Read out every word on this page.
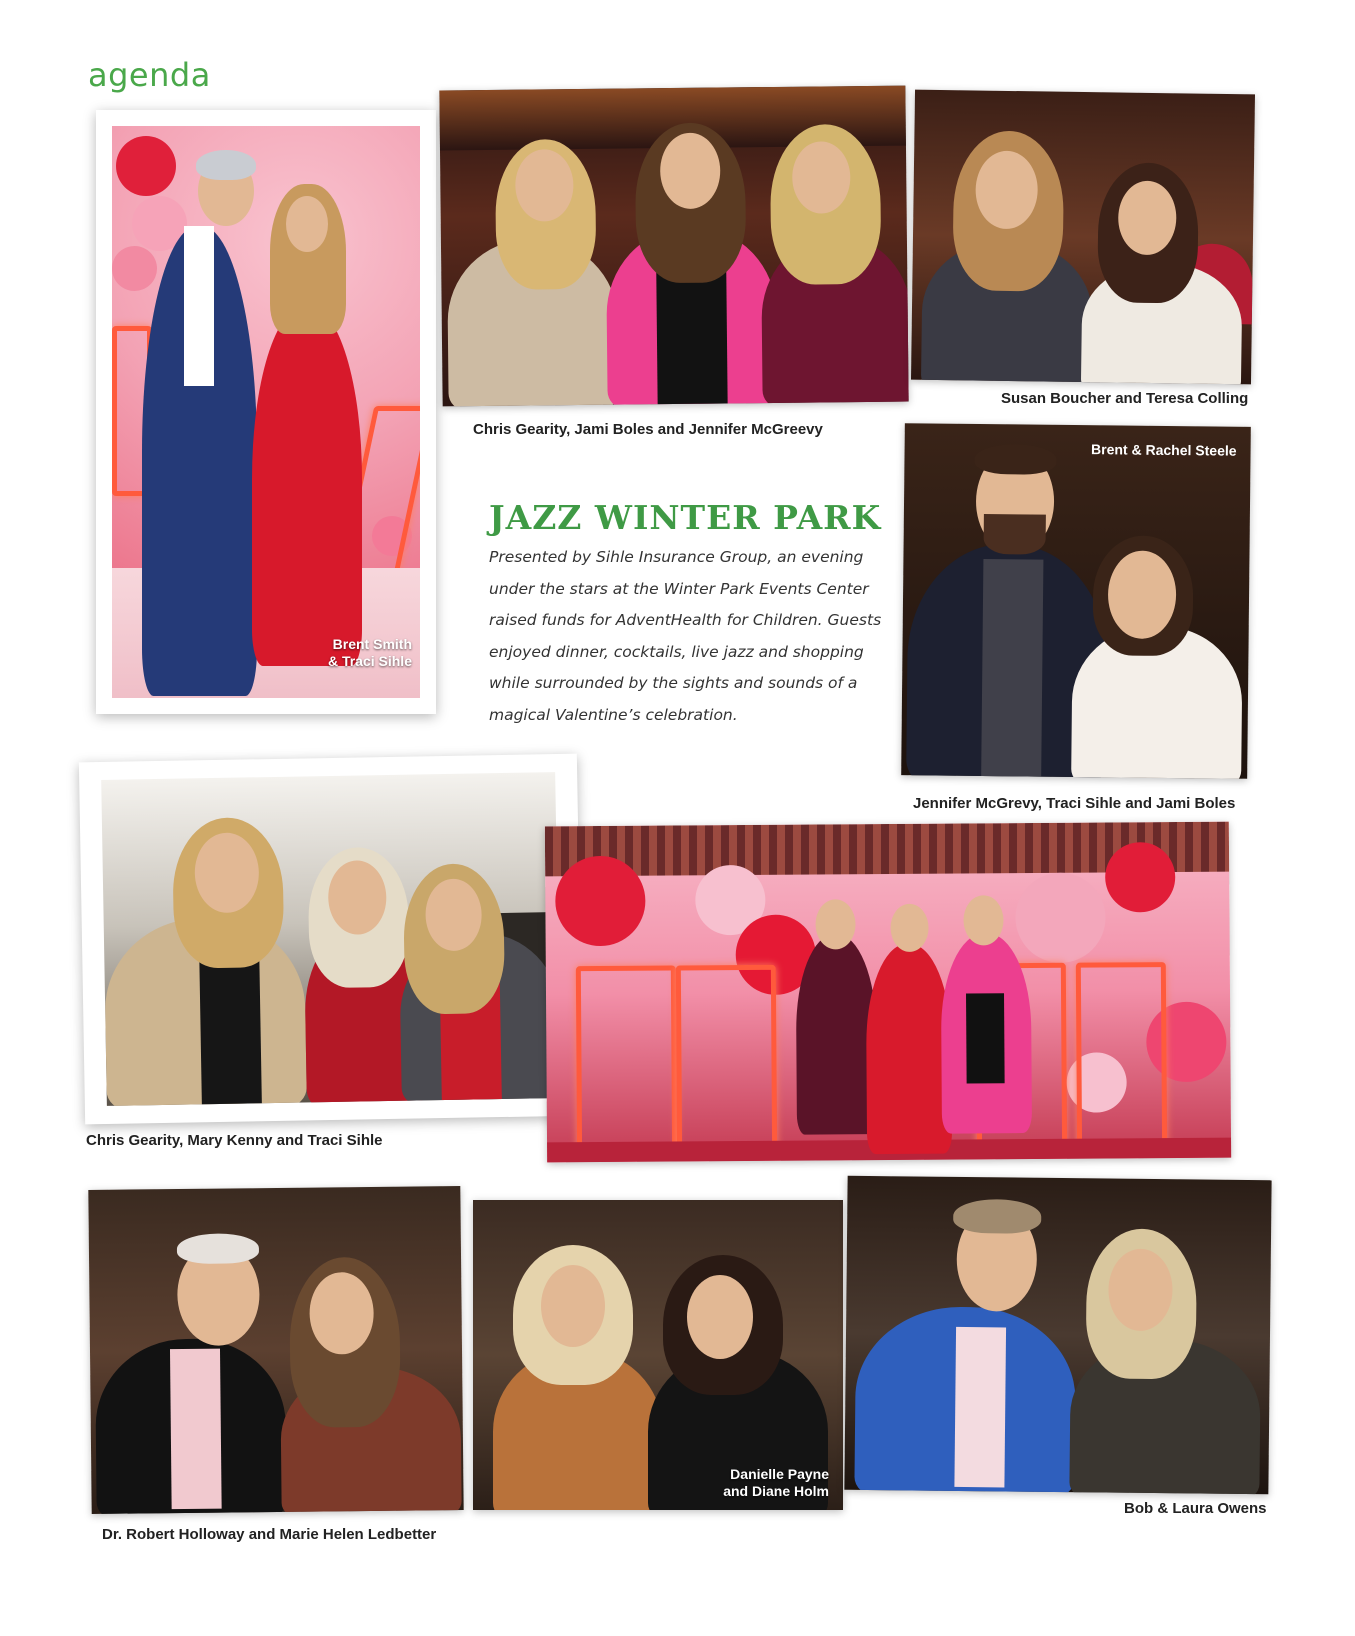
agenda
Brent Smith
& Traci Sihle
Chris Gearity, Jami Boles and Jennifer McGreevy
Susan Boucher and Teresa Colling
JAZZ WINTER PARK
Presented by Sihle Insurance Group, an evening under the stars at the Winter Park Events Center raised funds for AdventHealth for Children. Guests enjoyed dinner, cocktails, live jazz and shopping while surrounded by the sights and sounds of a magical Valentine’s celebration.
Brent & Rachel Steele
Jennifer McGrevy, Traci Sihle and Jami Boles
Chris Gearity, Mary Kenny and Traci Sihle
Dr. Robert Holloway and Marie Helen Ledbetter
Danielle Payne
and Diane Holm
Bob & Laura Owens
